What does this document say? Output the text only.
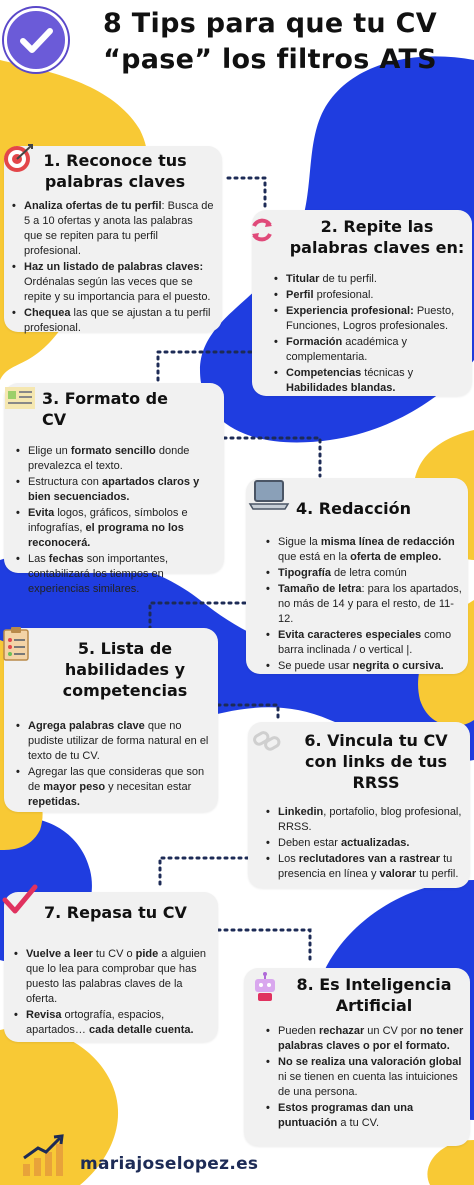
8 Tips para que tu CV
“pase” los filtros ATS
1. Reconoce tus palabras claves
• Analiza ofertas de tu perfil: Busca de 5 a 10 ofertas y anota las palabras que se repiten para tu perfil profesional.
• Haz un listado de palabras claves: Ordénalas según las veces que se repite y su importancia para el puesto.
• Chequea las que se ajustan a tu perfil profesional.
2. Repite las palabras claves en:
• Titular de tu perfil.
• Perfil profesional.
• Experiencia profesional: Puesto, Funciones, Logros profesionales.
• Formación académica y complementaria.
• Competencias técnicas y Habilidades blandas.
3. Formato de CV
• Elige un formato sencillo donde prevalezca el texto.
• Estructura con apartados claros y bien secuenciados.
• Evita logos, gráficos, símbolos e infografías, el programa no los reconocerá.
• Las fechas son importantes, contabilizará los tiempos en experiencias similares.
4. Redacción
• Sigue la misma línea de redacción que está en la oferta de empleo.
• Tipografía de letra común
• Tamaño de letra: para los apartados, no más de 14 y para el resto, de 11-12.
• Evita caracteres especiales como barra inclinada / o vertical |.
• Se puede usar negrita o cursiva.
5. Lista de habilidades y competencias
• Agrega palabras clave que no pudiste utilizar de forma natural en el texto de tu CV.
• Agregar las que consideras que son de mayor peso y necesitan estar repetidas.
6. Vincula tu CV con links de tus RRSS
• Linkedin, portafolio, blog profesional, RRSS.
• Deben estar actualizadas.
• Los reclutadores van a rastrear tu presencia en línea y valorar tu perfil.
7. Repasa tu CV
• Vuelve a leer tu CV o pide a alguien que lo lea para comprobar que has puesto las palabras claves de la oferta.
• Revisa ortografía, espacios, apartados… cada detalle cuenta.
8. Es Inteligencia Artificial
• Pueden rechazar un CV por no tener palabras claves o por el formato.
• No se realiza una valoración global ni se tienen en cuenta las intuiciones de una persona.
• Estos programas dan una puntuación a tu CV.
mariajoselopez.es
